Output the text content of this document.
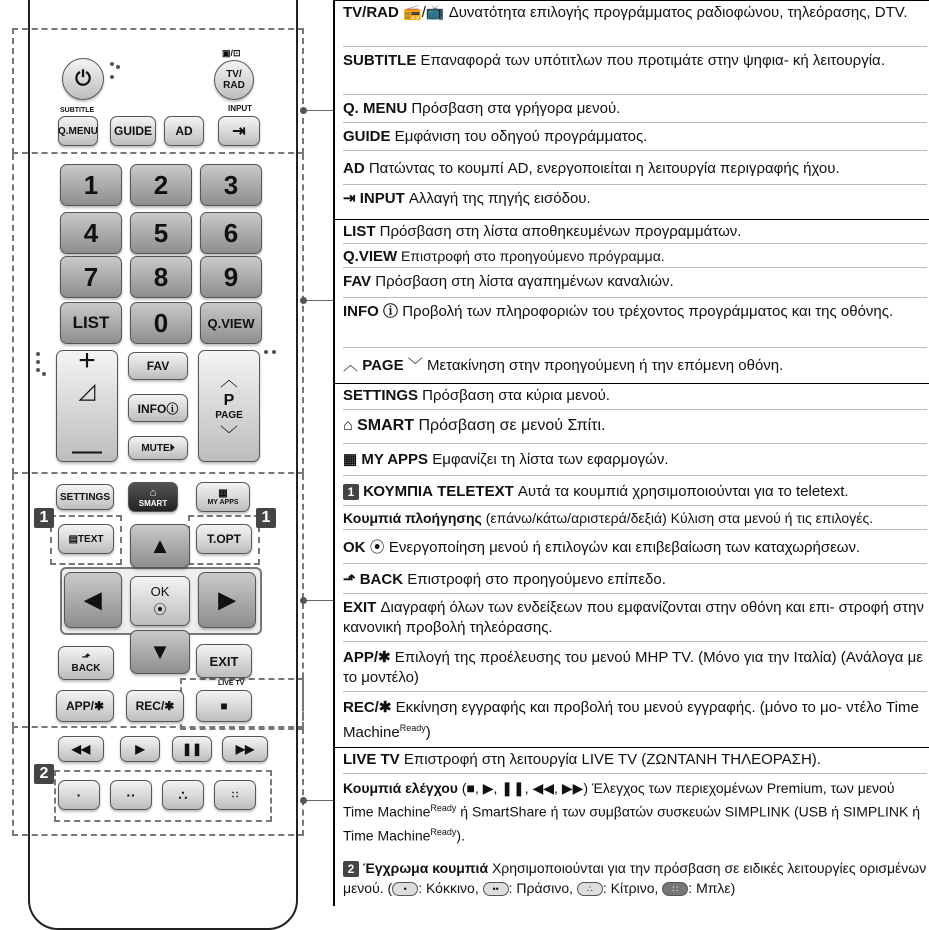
⏻
▣/⊡
TV/
RAD
SUBTITLE	INPUT
Q.MENU	GUIDE	AD	⇥
1	2	3
4	5	6
7	8	9
LIST	0	Q.VIEW
+

◿

—
FAV
INFOⓘ
MUTE⏵
︿
P
PAGE
﹀
SETTINGS	⌂
SMART
▦
MY APPS
1	1
▤TEXT	T.OPT
▲
◀	OK
⦿	▶
▼
⬏
BACK	EXIT
APP/✱	REC/✱
LIVE TV
■
◀◀	▶	❚❚	▶▶
2
·	··	∴	∷
TV/RAD 📻/📺 Δυνατότητα επιλογής προγράμματος ραδιοφώνου, τηλεόρασης, DTV.
SUBTITLE Επαναφορά των υπότιτλων που προτιμάτε στην ψηφια- κή λειτουργία.
Q. MENU Πρόσβαση στα γρήγορα μενού.
GUIDE Εμφάνιση του οδηγού προγράμματος.
AD Πατώντας το κουμπί AD, ενεργοποιείται η λειτουργία περιγραφής ήχου.
⇥ INPUT Αλλαγή της πηγής εισόδου.
LIST Πρόσβαση στη λίστα αποθηκευμένων προγραμμάτων.
Q.VIEW Επιστροφή στο προηγούμενο πρόγραμμα.
FAV Πρόσβαση στη λίστα αγαπημένων καναλιών.
INFO ⓘ Προβολή των πληροφοριών του τρέχοντος προγράμματος και της οθόνης.
︿ PAGE ﹀ Μετακίνηση στην προηγούμενη ή την επόμενη οθόνη.
SETTINGS Πρόσβαση στα κύρια μενού.
⌂ SMART Πρόσβαση σε μενού Σπίτι.
▦ MY APPS Εμφανίζει τη λίστα των εφαρμογών.
1 ΚΟΥΜΠΙΑ TELETEXT Αυτά τα κουμπιά χρησιμοποιούνται για το teletext.
Κουμπιά πλοήγησης (επάνω/κάτω/αριστερά/δεξιά) Κύλιση στα μενού ή τις επιλογές.
OK ⦿ Ενεργοποίηση μενού ή επιλογών και επιβεβαίωση των καταχωρήσεων.
⬏ BACK Επιστροφή στο προηγούμενο επίπεδο.
EXIT Διαγραφή όλων των ενδείξεων που εμφανίζονται στην οθόνη και επι- στροφή στην κανονική προβολή τηλεόρασης.
APP/✱ Επιλογή της προέλευσης του μενού MHP TV. (Μόνο για την Ιταλία) (Ανάλογα με το μοντέλο)
REC/✱ Εκκίνηση εγγραφής και προβολή του μενού εγγραφής. (μόνο το μο- ντέλο Time Machine$^{Ready}$)
LIVE TV Επιστροφή στη λειτουργία LIVE TV (ΖΩΝΤΑΝΗ ΤΗΛΕΟΡΑΣΗ).
Κουμπιά ελέγχου (■, ▶, ❚❚, ◀◀, ▶▶) Έλεγχος των περιεχομένων Premium, των μενού Time Machine$^{Ready}$ ή SmartShare ή των συμβατών συσκευών SIMPLINK (USB ή SIMPLINK ή Time Machine$^{Ready}$).
2 Έγχρωμα κουμπιά Χρησιμοποιούνται για την πρόσβαση σε ειδικές λειτουργίες ορισμένων μενού. ( • : Κόκκινο, •• : Πράσινο, ∴ : Κίτρινο, ∷ : Μπλε)
